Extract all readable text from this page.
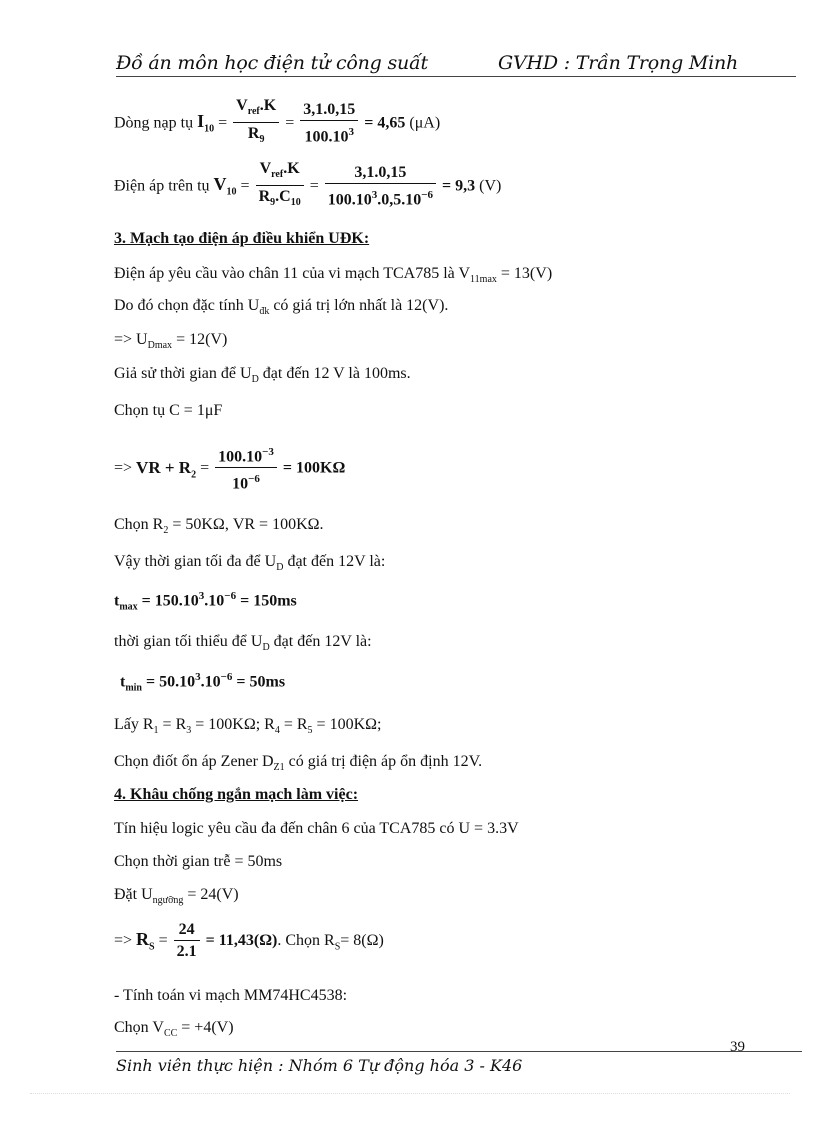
Đồ án môn học điện tử công suất	GVHD : Trần Trọng Minh
Dòng nạp tụ $I_{10} = \frac{V_{ref}.K}{R_9} = \frac{3,1.0,15}{100.10^3} = 4,65$ (μA)
Điện áp trên tụ $V_{10} = \frac{V_{ref}.K}{R_9.C_{10}} = \frac{3,1.0,15}{100.10^3.0,5.10^{-6}} = 9,3$ (V)
3. Mạch tạo điện áp điều khiển UĐK:
Điện áp yêu cầu vào chân 11 của vi mạch TCA785 là $V_{11max} = 13(V)$
Do đó chọn đặc tính $U_{đk}$ có giá trị lớn nhất là 12(V).
=> $U_{Dmax} = 12(V)$
Giả sử thời gian để $U_D$ đạt đến 12 V là 100ms.
Chọn tụ C = 1μF
=> VR + $R_2 = \frac{100.10^{-3}}{10^{-6}} = 100K\Omega$
Chọn $R_2 = 50K\Omega$, VR = 100KΩ.
Vậy thời gian tối đa để $U_D$ đạt đến 12V là:
$t_{max} = 150.10^3.10^{-6} = 150ms$
thời gian tối thiểu để $U_D$ đạt đến 12V là:
$t_{min} = 50.10^3.10^{-6} = 50ms$
Lấy $R_1 = R_3 = 100K\Omega$; $R_4 = R_5 = 100K\Omega$;
Chọn điốt ổn áp Zener $D_{Z1}$ có giá trị điện áp ổn định 12V.
4. Khâu chống ngắn mạch làm việc:
Tín hiệu logic yêu cầu đa đến chân 6 của TCA785 có U = 3.3V
Chọn thời gian trễ = 50ms
Đặt $U_{ngưỡng} = 24(V)$
=> $R_S = \frac{24}{2.1} = 11,43(\Omega)$. Chọn $R_S= 8(\Omega)$
- Tính toán vi mạch MM74HC4538:
Chọn $V_{CC} = +4(V)$
39
Sinh viên thực hiện : Nhóm 6 Tự động hóa 3 - K46
